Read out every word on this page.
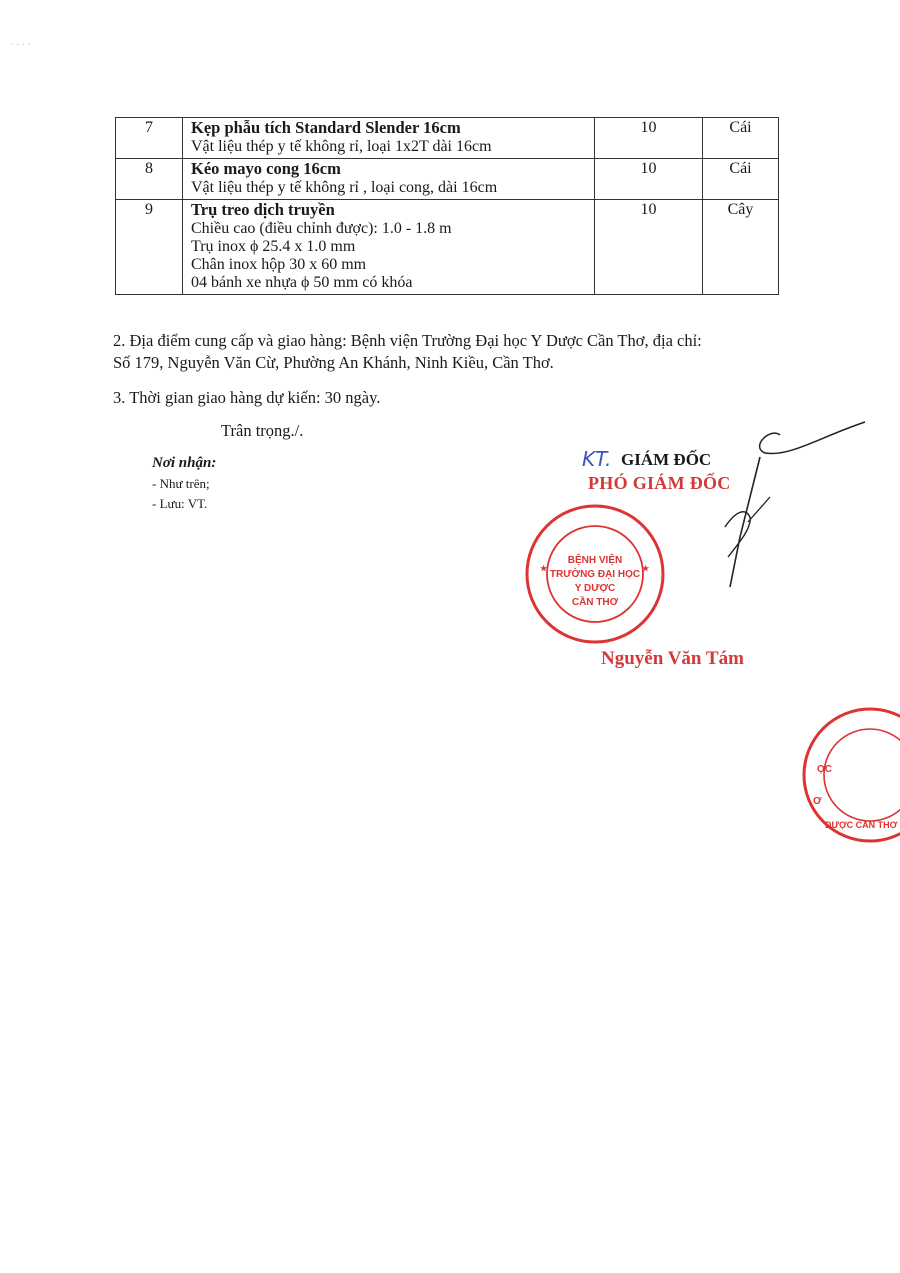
· · · ·
7	Kẹp phẫu tích Standard Slender 16cm
Vật liệu thép y tế không rỉ, loại 1x2T dài 16cm	10	Cái
8	Kéo mayo cong 16cm
Vật liệu thép y tế không rỉ , loại cong, dài 16cm	10	Cái
9	Trụ treo dịch truyền
Chiều cao (điều chỉnh được): 1.0 - 1.8 m
Trụ inox ϕ 25.4 x 1.0 mm
Chân inox hộp 30 x 60 mm
04 bánh xe nhựa ϕ 50 mm có khóa	10	Cây
2. Địa điểm cung cấp và giao hàng: Bệnh viện Trường Đại học Y Dược Cần Thơ, địa chỉ:
Số 179, Nguyễn Văn Cừ, Phường An Khánh, Ninh Kiều, Cần Thơ.
3. Thời gian giao hàng dự kiến: 30 ngày.
Trân trọng./.
Nơi nhận:
- Như trên;
- Lưu: VT.
KT. GIÁM ĐỐC
PHÓ GIÁM ĐỐC
BỆNH VIỆN
TRƯỜNG ĐẠI HỌC
Y DƯỢC
CẦN THƠ
★	★
Nguyễn Văn Tám
ỌC
Ơ
DƯỢC CẦN THƠ
